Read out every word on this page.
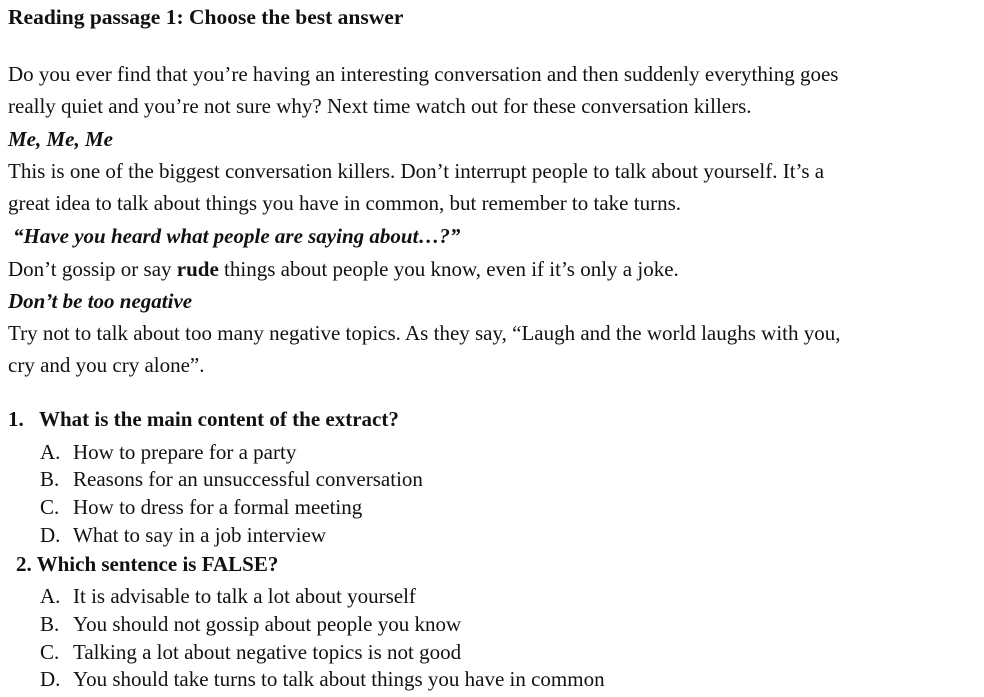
Reading passage 1: Choose the best answer
Do you ever find that you’re having an interesting conversation and then suddenly everything goes
really quiet and you’re not sure why? Next time watch out for these conversation killers.
Me, Me, Me
This is one of the biggest conversation killers. Don’t interrupt people to talk about yourself. It’s a
great idea to talk about things you have in common, but remember to take turns.
“Have you heard what people are saying about…?”
Don’t gossip or say rude things about people you know, even if it’s only a joke.
Don’t be too negative
Try not to talk about too many negative topics. As they say, “Laugh and the world laughs with you,
cry and you cry alone”.
1. What is the main content of the extract?
A. How to prepare for a party
B. Reasons for an unsuccessful conversation
C. How to dress for a formal meeting
D. What to say in a job interview
2. Which sentence is FALSE?
A. It is advisable to talk a lot about yourself
B. You should not gossip about people you know
C. Talking a lot about negative topics is not good
D. You should take turns to talk about things you have in common
